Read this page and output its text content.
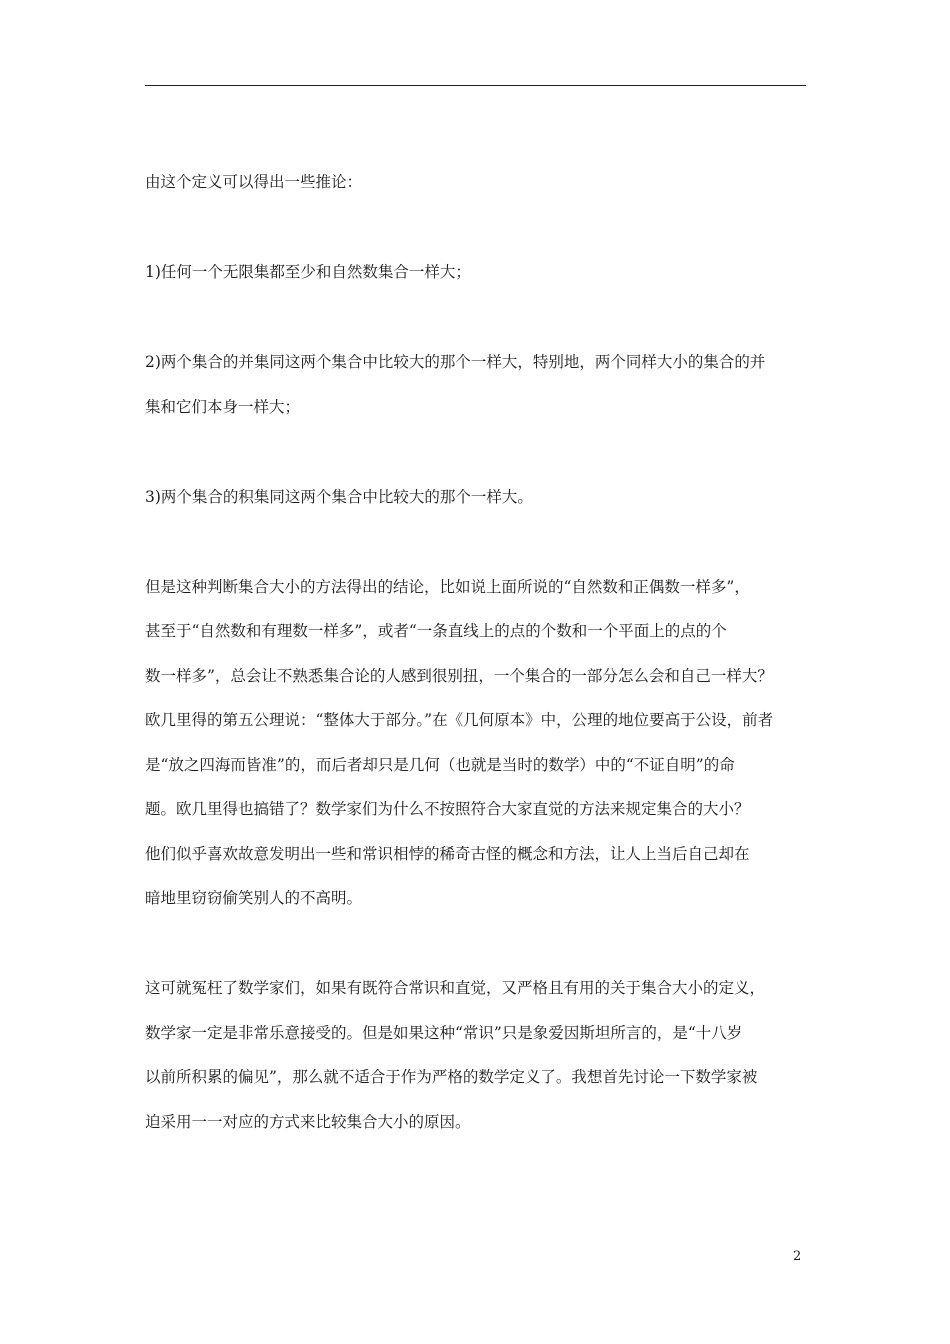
由这个定义可以得出一些推论：
1)任何一个无限集都至少和自然数集合一样大；
2)两个集合的并集同这两个集合中比较大的那个一样大，特别地，两个同样大小的集合的并
集和它们本身一样大；
3)两个集合的积集同这两个集合中比较大的那个一样大。
但是这种判断集合大小的方法得出的结论，比如说上面所说的“自然数和正偶数一样多”，
甚至于“自然数和有理数一样多”，或者“一条直线上的点的个数和一个平面上的点的个
数一样多”，总会让不熟悉集合论的人感到很别扭，一个集合的一部分怎么会和自己一样大？
欧几里得的第五公理说：“整体大于部分。”在《几何原本》中，公理的地位要高于公设，前者
是“放之四海而皆准”的，而后者却只是几何（也就是当时的数学）中的“不证自明”的命
题。欧几里得也搞错了？数学家们为什么不按照符合大家直觉的方法来规定集合的大小？
他们似乎喜欢故意发明出一些和常识相悖的稀奇古怪的概念和方法，让人上当后自己却在
暗地里窃窃偷笑别人的不高明。
这可就冤枉了数学家们，如果有既符合常识和直觉，又严格且有用的关于集合大小的定义，
数学家一定是非常乐意接受的。但是如果这种“常识”只是象爱因斯坦所言的，是“十八岁
以前所积累的偏见”，那么就不适合于作为严格的数学定义了。我想首先讨论一下数学家被
迫采用一一对应的方式来比较集合大小的原因。
2
